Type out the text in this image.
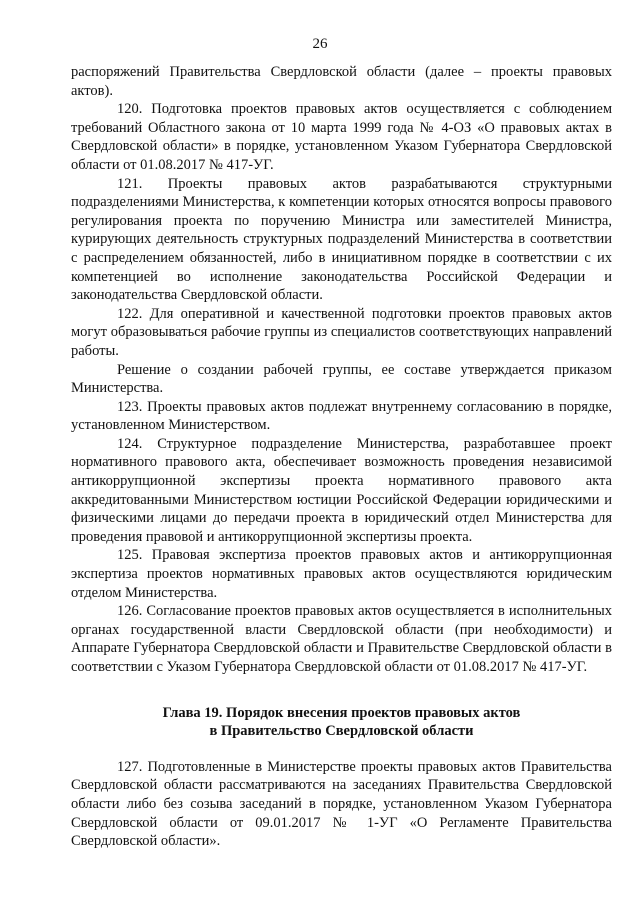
26

распоряжений Правительства Свердловской области (далее – проекты правовых актов).

120. Подготовка проектов правовых актов осуществляется с соблюдением требований Областного закона от 10 марта 1999 года № 4-ОЗ «О правовых актах в Свердловской области» в порядке, установленном Указом Губернатора Свердловской области от 01.08.2017 № 417-УГ.

121. Проекты правовых актов разрабатываются структурными подразделениями Министерства, к компетенции которых относятся вопросы правового регулирования проекта по поручению Министра или заместителей Министра, курирующих деятельность структурных подразделений Министерства в соответствии с распределением обязанностей, либо в инициативном порядке в соответствии с их компетенцией во исполнение законодательства Российской Федерации и законодательства Свердловской области.

122. Для оперативной и качественной подготовки проектов правовых актов могут образовываться рабочие группы из специалистов соответствующих направлений работы.

Решение о создании рабочей группы, ее составе утверждается приказом Министерства.

123. Проекты правовых актов подлежат внутреннему согласованию в порядке, установленном Министерством.

124. Структурное подразделение Министерства, разработавшее проект нормативного правового акта, обеспечивает возможность проведения независимой антикоррупционной экспертизы проекта нормативного правового акта аккредитованными Министерством юстиции Российской Федерации юридическими и физическими лицами до передачи проекта в юридический отдел Министерства для проведения правовой и антикоррупционной экспертизы проекта.

125. Правовая экспертиза проектов правовых актов и антикоррупционная экспертиза проектов нормативных правовых актов осуществляются юридическим отделом Министерства.

126. Согласование проектов правовых актов осуществляется в исполнительных органах государственной власти Свердловской области (при необходимости) и Аппарате Губернатора Свердловской области и Правительстве Свердловской области в соответствии с Указом Губернатора Свердловской области от 01.08.2017 № 417-УГ.

Глава 19. Порядок внесения проектов правовых актов
в Правительство Свердловской области

127. Подготовленные в Министерстве проекты правовых актов Правительства Свердловской области рассматриваются на заседаниях Правительства Свердловской области либо без созыва заседаний в порядке, установленном Указом Губернатора Свердловской области от 09.01.2017 № 1-УГ «О Регламенте Правительства Свердловской области».
